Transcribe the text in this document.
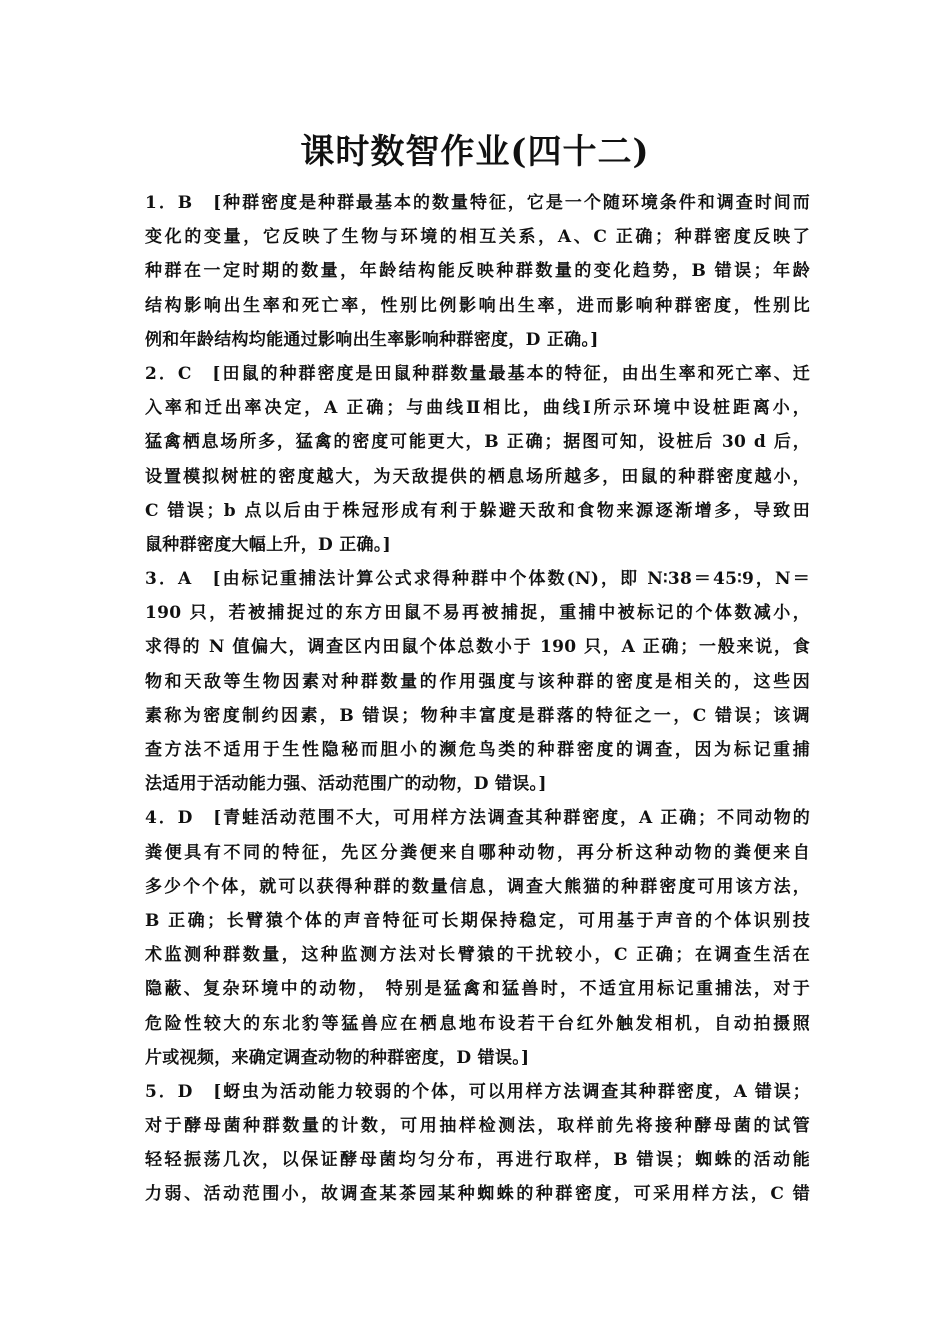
课时数智作业(四十二)
1．B　[种群密度是种群最基本的数量特征，它是一个随环境条件和调查时间而
变化的变量，它反映了生物与环境的相互关系，A、C 正确；种群密度反映了
种群在一定时期的数量，年龄结构能反映种群数量的变化趋势，B 错误；年龄
结构影响出生率和死亡率，性别比例影响出生率，进而影响种群密度，性别比
例和年龄结构均能通过影响出生率影响种群密度，D 正确。]
2．C　[田鼠的种群密度是田鼠种群数量最基本的特征，由出生率和死亡率、迁
入率和迁出率决定，A 正确；与曲线Ⅱ相比，曲线Ⅰ所示环境中设桩距离小，
猛禽栖息场所多，猛禽的密度可能更大，B 正确；据图可知，设桩后 30 d 后，
设置模拟树桩的密度越大，为天敌提供的栖息场所越多，田鼠的种群密度越小，
C 错误；b 点以后由于株冠形成有利于躲避天敌和食物来源逐渐增多，导致田
鼠种群密度大幅上升，D 正确。]
3．A　[由标记重捕法计算公式求得种群中个体数(N)，即 N∶38＝45∶9，N＝
190 只，若被捕捉过的东方田鼠不易再被捕捉，重捕中被标记的个体数减小，
求得的 N 值偏大，调查区内田鼠个体总数小于 190 只，A 正确；一般来说，食
物和天敌等生物因素对种群数量的作用强度与该种群的密度是相关的，这些因
素称为密度制约因素，B 错误；物种丰富度是群落的特征之一，C 错误；该调
查方法不适用于生性隐秘而胆小的濒危鸟类的种群密度的调查，因为标记重捕
法适用于活动能力强、活动范围广的动物，D 错误。]
4．D　[青蛙活动范围不大，可用样方法调查其种群密度，A 正确；不同动物的
粪便具有不同的特征，先区分粪便来自哪种动物，再分析这种动物的粪便来自
多少个个体，就可以获得种群的数量信息，调查大熊猫的种群密度可用该方法，
B 正确；长臂猿个体的声音特征可长期保持稳定，可用基于声音的个体识别技
术监测种群数量，这种监测方法对长臂猿的干扰较小，C 正确；在调查生活在
隐蔽、复杂环境中的动物， 特别是猛禽和猛兽时，不适宜用标记重捕法，对于
危险性较大的东北豹等猛兽应在栖息地布设若干台红外触发相机，自动拍摄照
片或视频，来确定调查动物的种群密度，D 错误。]
5．D　[蚜虫为活动能力较弱的个体，可以用样方法调查其种群密度，A 错误；
对于酵母菌种群数量的计数，可用抽样检测法，取样前先将接种酵母菌的试管
轻轻振荡几次，以保证酵母菌均匀分布，再进行取样，B 错误；蜘蛛的活动能
力弱、活动范围小，故调查某茶园某种蜘蛛的种群密度，可采用样方法，C 错
